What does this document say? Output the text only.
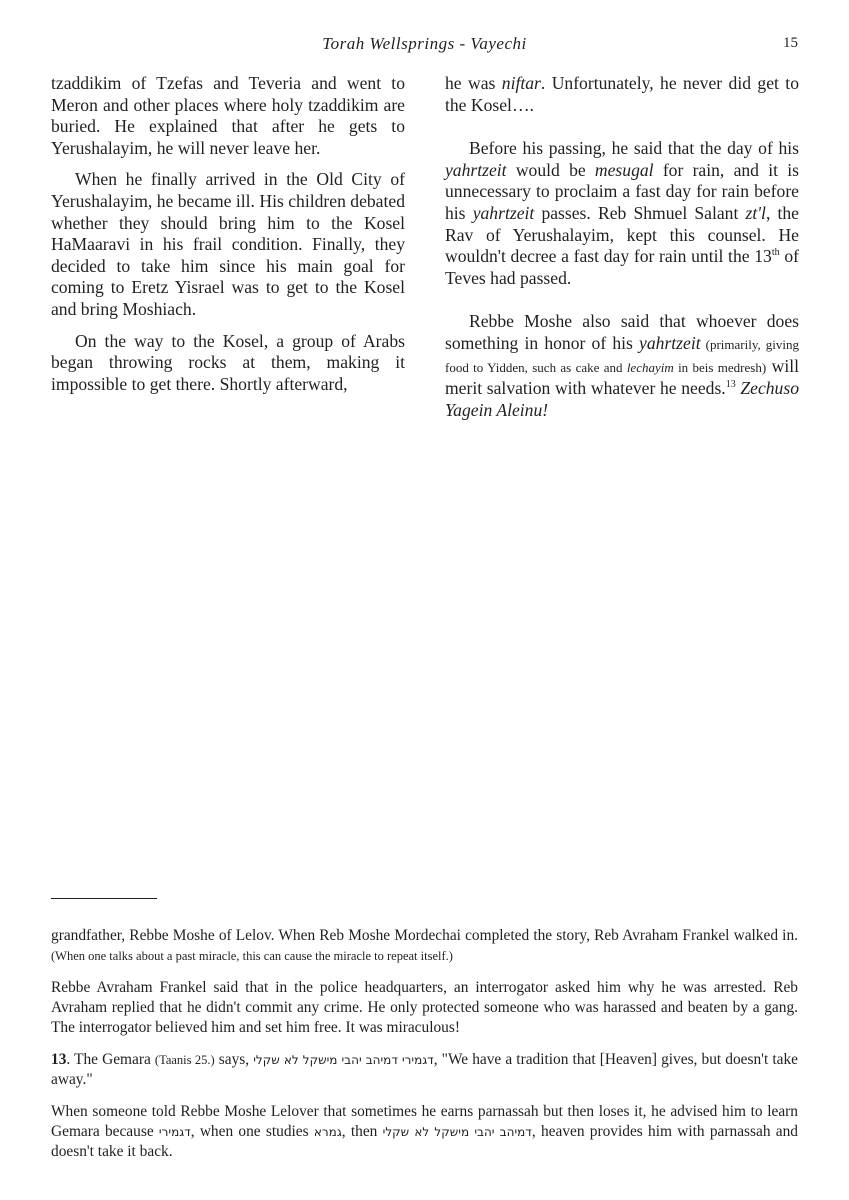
Torah Wellsprings - Vayechi	15

tzaddikim of Tzefas and Teveria and went to Meron and other places where holy tzaddikim are buried. He explained that after he gets to Yerushalayim, he will never leave her.

When he finally arrived in the Old City of Yerushalayim, he became ill. His children debated whether they should bring him to the Kosel HaMaaravi in his frail condition. Finally, they decided to take him since his main goal for coming to Eretz Yisrael was to get to the Kosel and bring Moshiach.

On the way to the Kosel, a group of Arabs began throwing rocks at them, making it impossible to get there. Shortly afterward,

he was niftar. Unfortunately, he never did get to the Kosel….

Before his passing, he said that the day of his yahrtzeit would be mesugal for rain, and it is unnecessary to proclaim a fast day for rain before his yahrtzeit passes. Reb Shmuel Salant zt'l, the Rav of Yerushalayim, kept this counsel. He wouldn't decree a fast day for rain until the 13th of Teves had passed.

Rebbe Moshe also said that whoever does something in honor of his yahrtzeit (primarily, giving food to Yidden, such as cake and lechayim in beis medresh) will merit salvation with whatever he needs.$^{13}$ Zechuso Yagein Aleinu!

grandfather, Rebbe Moshe of Lelov. When Reb Moshe Mordechai completed the story, Reb Avraham Frankel walked in. (When one talks about a past miracle, this can cause the miracle to repeat itself.)

Rebbe Avraham Frankel said that in the police headquarters, an interrogator asked him why he was arrested. Reb Avraham replied that he didn't commit any crime. He only protected someone who was harassed and beaten by a gang. The interrogator believed him and set him free. It was miraculous!

13. The Gemara (Taanis 25.) says, דגמירי דמיהב יהבי מישקל לא שקלי, "We have a tradition that [Heaven] gives, but doesn't take away."

When someone told Rebbe Moshe Lelover that sometimes he earns parnassah but then loses it, he advised him to learn Gemara because דגמירי, when one studies גמרא, then דמיהב יהבי מישקל לא שקלי, heaven provides him with parnassah and doesn't take it back.
